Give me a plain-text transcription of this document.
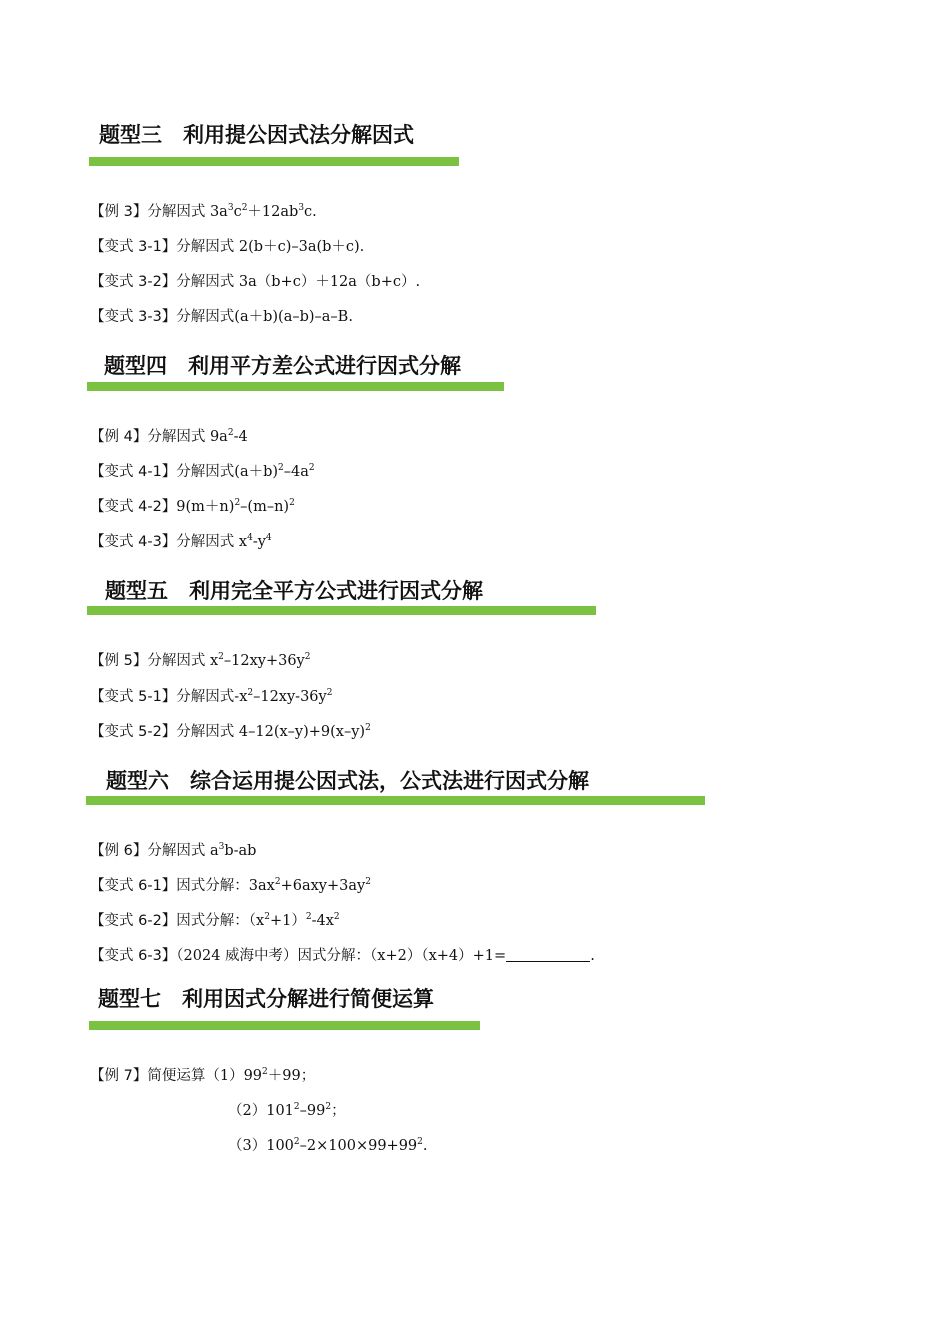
题型三　利用提公因式法分解因式
【例 3】分解因式 $3a^3c^2+12ab^3c$.
【变式 3-1】分解因式 2(b＋c)–3a(b＋c).
【变式 3-2】分解因式 3a（b+c）＋12a（b+c）.
【变式 3-3】分解因式(a＋b)(a–b)–a–B.
题型四　利用平方差公式进行因式分解
【例 4】分解因式 $9a^2-4$
【变式 4-1】分解因式$(a+b)^2-4a^2$
【变式 4-2】$9(m+n)^2-(m-n)^2$
【变式 4-3】分解因式 $x^4-y^4$
题型五　利用完全平方公式进行因式分解
【例 5】分解因式 $x^2-12xy+36y^2$
【变式 5-1】分解因式$-x^2-12xy-36y^2$
【变式 5-2】分解因式 $4-12(x-y)+9(x-y)^2$
题型六　综合运用提公因式法，公式法进行因式分解
【例 6】分解因式 $a^3b-ab$
【变式 6-1】因式分解：$3ax^2+6axy+3ay^2$
【变式 6-2】因式分解：$(x^2+1)^2-4x^2$
【变式 6-3】（2024 威海中考）因式分解：（x+2）（x+4）+1=	.
题型七　利用因式分解进行简便运算
【例 7】简便运算$(1)99^2+99$；
$(2)101^2-99^2$；
$(3)100^2-2\times 100\times 99+99^2$.
